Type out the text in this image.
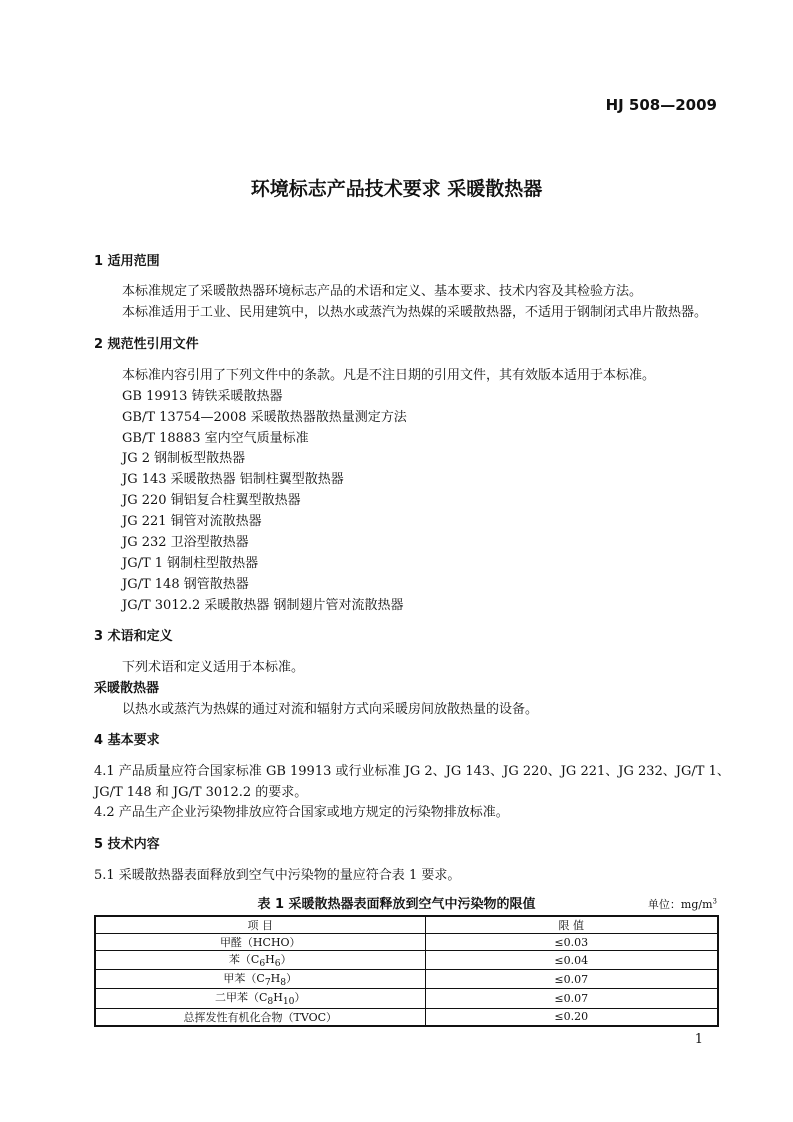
HJ 508—2009
环境标志产品技术要求 采暖散热器
1 适用范围
本标准规定了采暖散热器环境标志产品的术语和定义、基本要求、技术内容及其检验方法。
本标准适用于工业、民用建筑中，以热水或蒸汽为热媒的采暖散热器，不适用于钢制闭式串片散热器。
2 规范性引用文件
本标准内容引用了下列文件中的条款。凡是不注日期的引用文件，其有效版本适用于本标准。
GB 19913 铸铁采暖散热器
GB/T 13754—2008 采暖散热器散热量测定方法
GB/T 18883 室内空气质量标准
JG 2 钢制板型散热器
JG 143 采暖散热器 铝制柱翼型散热器
JG 220 铜铝复合柱翼型散热器
JG 221 铜管对流散热器
JG 232 卫浴型散热器
JG/T 1 钢制柱型散热器
JG/T 148 钢管散热器
JG/T 3012.2 采暖散热器 钢制翅片管对流散热器
3 术语和定义
下列术语和定义适用于本标准。
采暖散热器
以热水或蒸汽为热媒的通过对流和辐射方式向采暖房间放散热量的设备。
4 基本要求
4.1 产品质量应符合国家标准 GB 19913 或行业标准 JG 2、JG 143、JG 220、JG 221、JG 232、JG/T 1、
JG/T 148 和 JG/T 3012.2 的要求。
4.2 产品生产企业污染物排放应符合国家或地方规定的污染物排放标准。
5 技术内容
5.1 采暖散热器表面释放到空气中污染物的量应符合表 1 要求。
表 1 采暖散热器表面释放到空气中污染物的限值	单位：$mg/m^3$
项 目	限 值
甲醛（HCHO）	≤0.03
苯$(C_6H_6)$	≤0.04
甲苯$(C_7H_8)$	≤0.07
二甲苯$(C_8H_{10})$	≤0.07
总挥发性有机化合物（TVOC）	≤0.20
1
